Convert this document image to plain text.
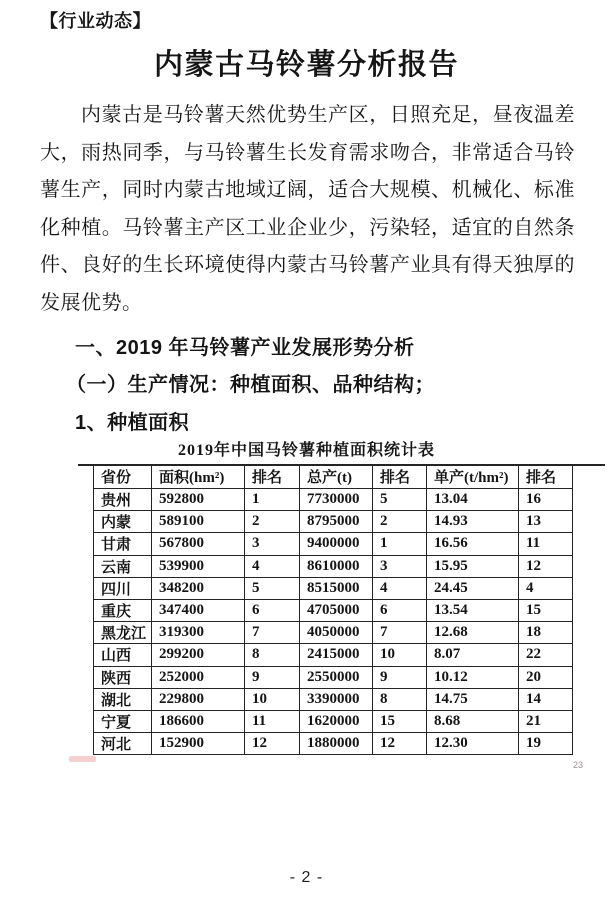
【行业动态】
内蒙古马铃薯分析报告
内蒙古是马铃薯天然优势生产区，日照充足，昼夜温差
大，雨热同季，与马铃薯生长发育需求吻合，非常适合马铃
薯生产，同时内蒙古地域辽阔，适合大规模、机械化、标准
化种植。马铃薯主产区工业企业少，污染轻，适宜的自然条
件、良好的生长环境使得内蒙古马铃薯产业具有得天独厚的
发展优势。
一、2019 年马铃薯产业发展形势分析
（一）生产情况：种植面积、品种结构；
1、种植面积
2019年中国马铃薯种植面积统计表
省份	面积(hm²)	排名	总产(t)	排名	单产(t/hm²)	排名
贵州	592800	1	7730000	5	13.04	16
内蒙	589100	2	8795000	2	14.93	13
甘肃	567800	3	9400000	1	16.56	11
云南	539900	4	8610000	3	15.95	12
四川	348200	5	8515000	4	24.45	4
重庆	347400	6	4705000	6	13.54	15
黑龙江	319300	7	4050000	7	12.68	18
山西	299200	8	2415000	10	8.07	22
陕西	252000	9	2550000	9	10.12	20
湖北	229800	10	3390000	8	14.75	14
宁夏	186600	11	1620000	15	8.68	21
河北	152900	12	1880000	12	12.30	19
23
- 2 -
